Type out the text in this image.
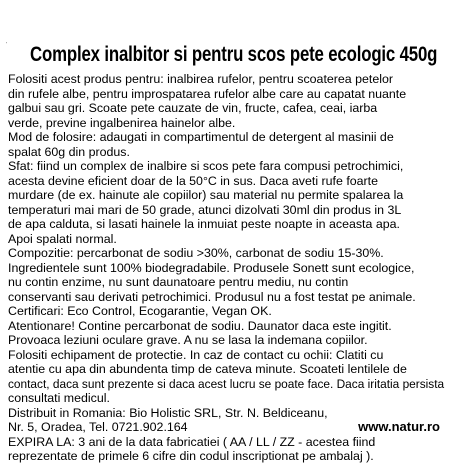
' Complex inalbitor si pentru scos pete ecologic 450g
Folositi acest produs pentru: inalbirea rufelor, pentru scoaterea petelor
din rufele albe, pentru improspatarea rufelor albe care au capatat nuante
galbui sau gri. Scoate pete cauzate de vin, fructe, cafea, ceai, iarba
verde, previne ingalbenirea hainelor albe.
Mod de folosire: adaugati in compartimentul de detergent al masinii de
spalat 60g din produs.
Sfat: fiind un complex de inalbire si scos pete fara compusi petrochimici,
acesta devine eficient doar de la 50°C in sus. Daca aveti rufe foarte
murdare (de ex. hainute ale copiilor) sau material nu permite spalarea la
temperaturi mai mari de 50 grade, atunci dizolvati 30ml din produs in 3L
de apa calduta, si lasati hainele la inmuiat peste noapte in aceasta apa.
Apoi spalati normal.
Compozitie: percarbonat de sodiu >30%, carbonat de sodiu 15-30%.
Ingredientele sunt 100% biodegradabile. Produsele Sonett sunt ecologice,
nu contin enzime, nu sunt daunatoare pentru mediu, nu contin
conservanti sau derivati petrochimici. Produsul nu a fost testat pe animale.
Certificari: Eco Control, Ecogarantie, Vegan OK.
Atentionare! Contine percarbonat de sodiu. Daunator daca este ingitit.
Provoaca leziuni oculare grave. A nu se lasa la indemana copiilor.
Folositi echipament de protectie. In caz de contact cu ochii: Clatiti cu
atentie cu apa din abundenta timp de cateva minute. Scoateti lentilele de
contact, daca sunt prezente si daca acest lucru se poate face. Daca iritatia persista
consultati medicul.
Distribuit in Romania: Bio Holistic SRL, Str. N. Beldiceanu,
Nr. 5, Oradea, Tel. 0721.902.164	www.natur.ro
EXPIRA LA: 3 ani de la data fabricatiei ( AA / LL / ZZ - acestea fiind
reprezentate de primele 6 cifre din codul inscriptionat pe ambalaj ).
